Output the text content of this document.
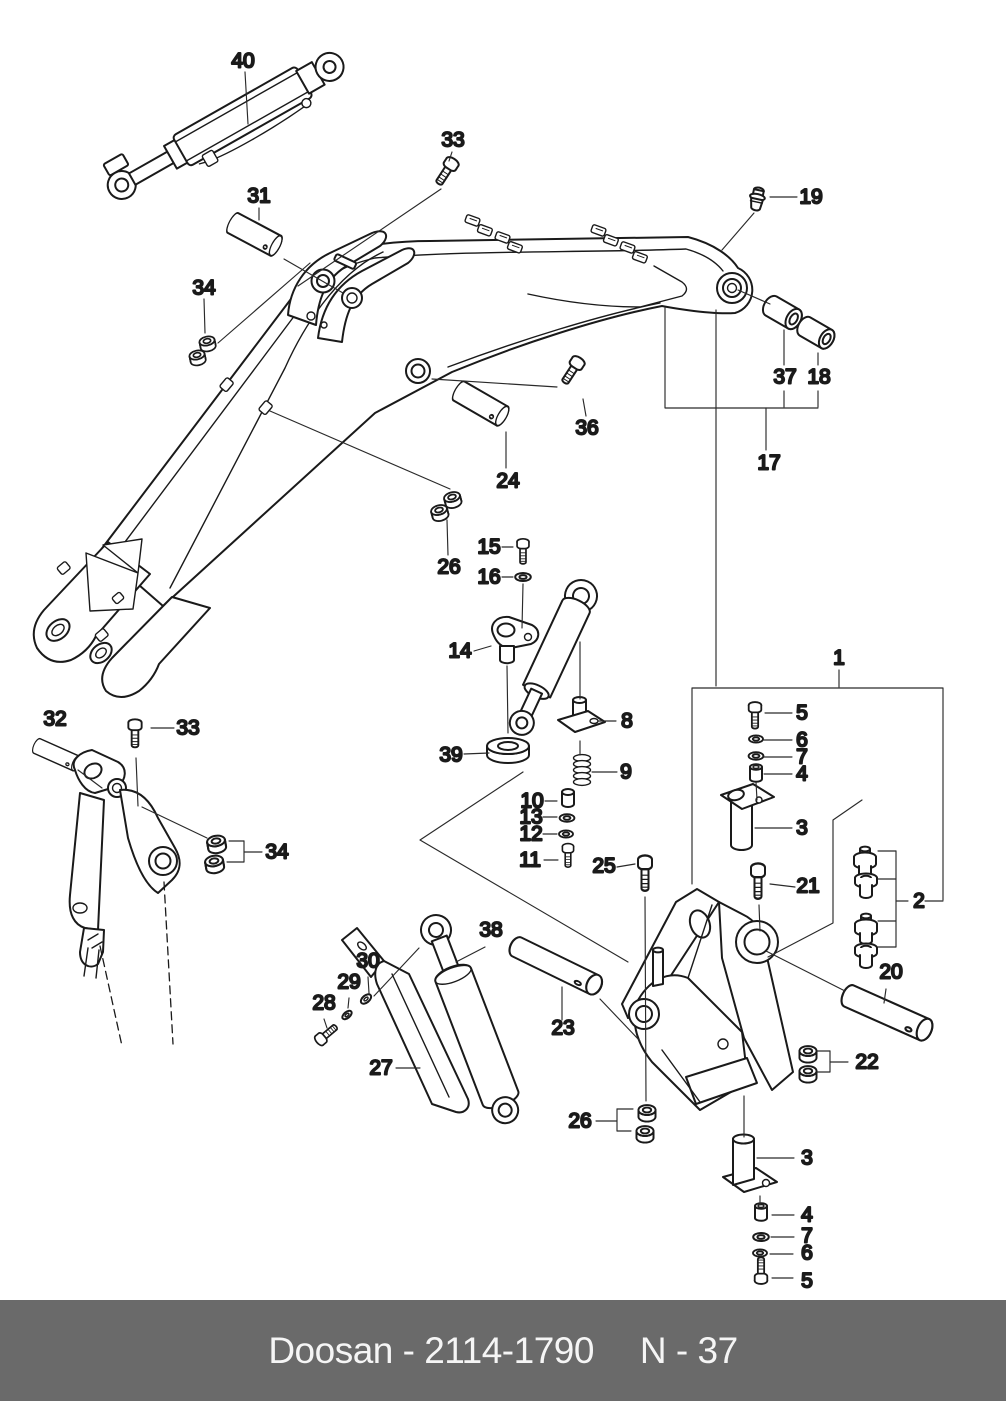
40
33
31
34
19
37 18
36
17
24
15
26 16
14	1
5
8
6
39	7
9	4
10
13	3
12
11 25
21
2
32	33
34
20
38
30
29
28
23
27	22
26
3
4
7
6
5
Doosan - 2114-1790 N - 37
